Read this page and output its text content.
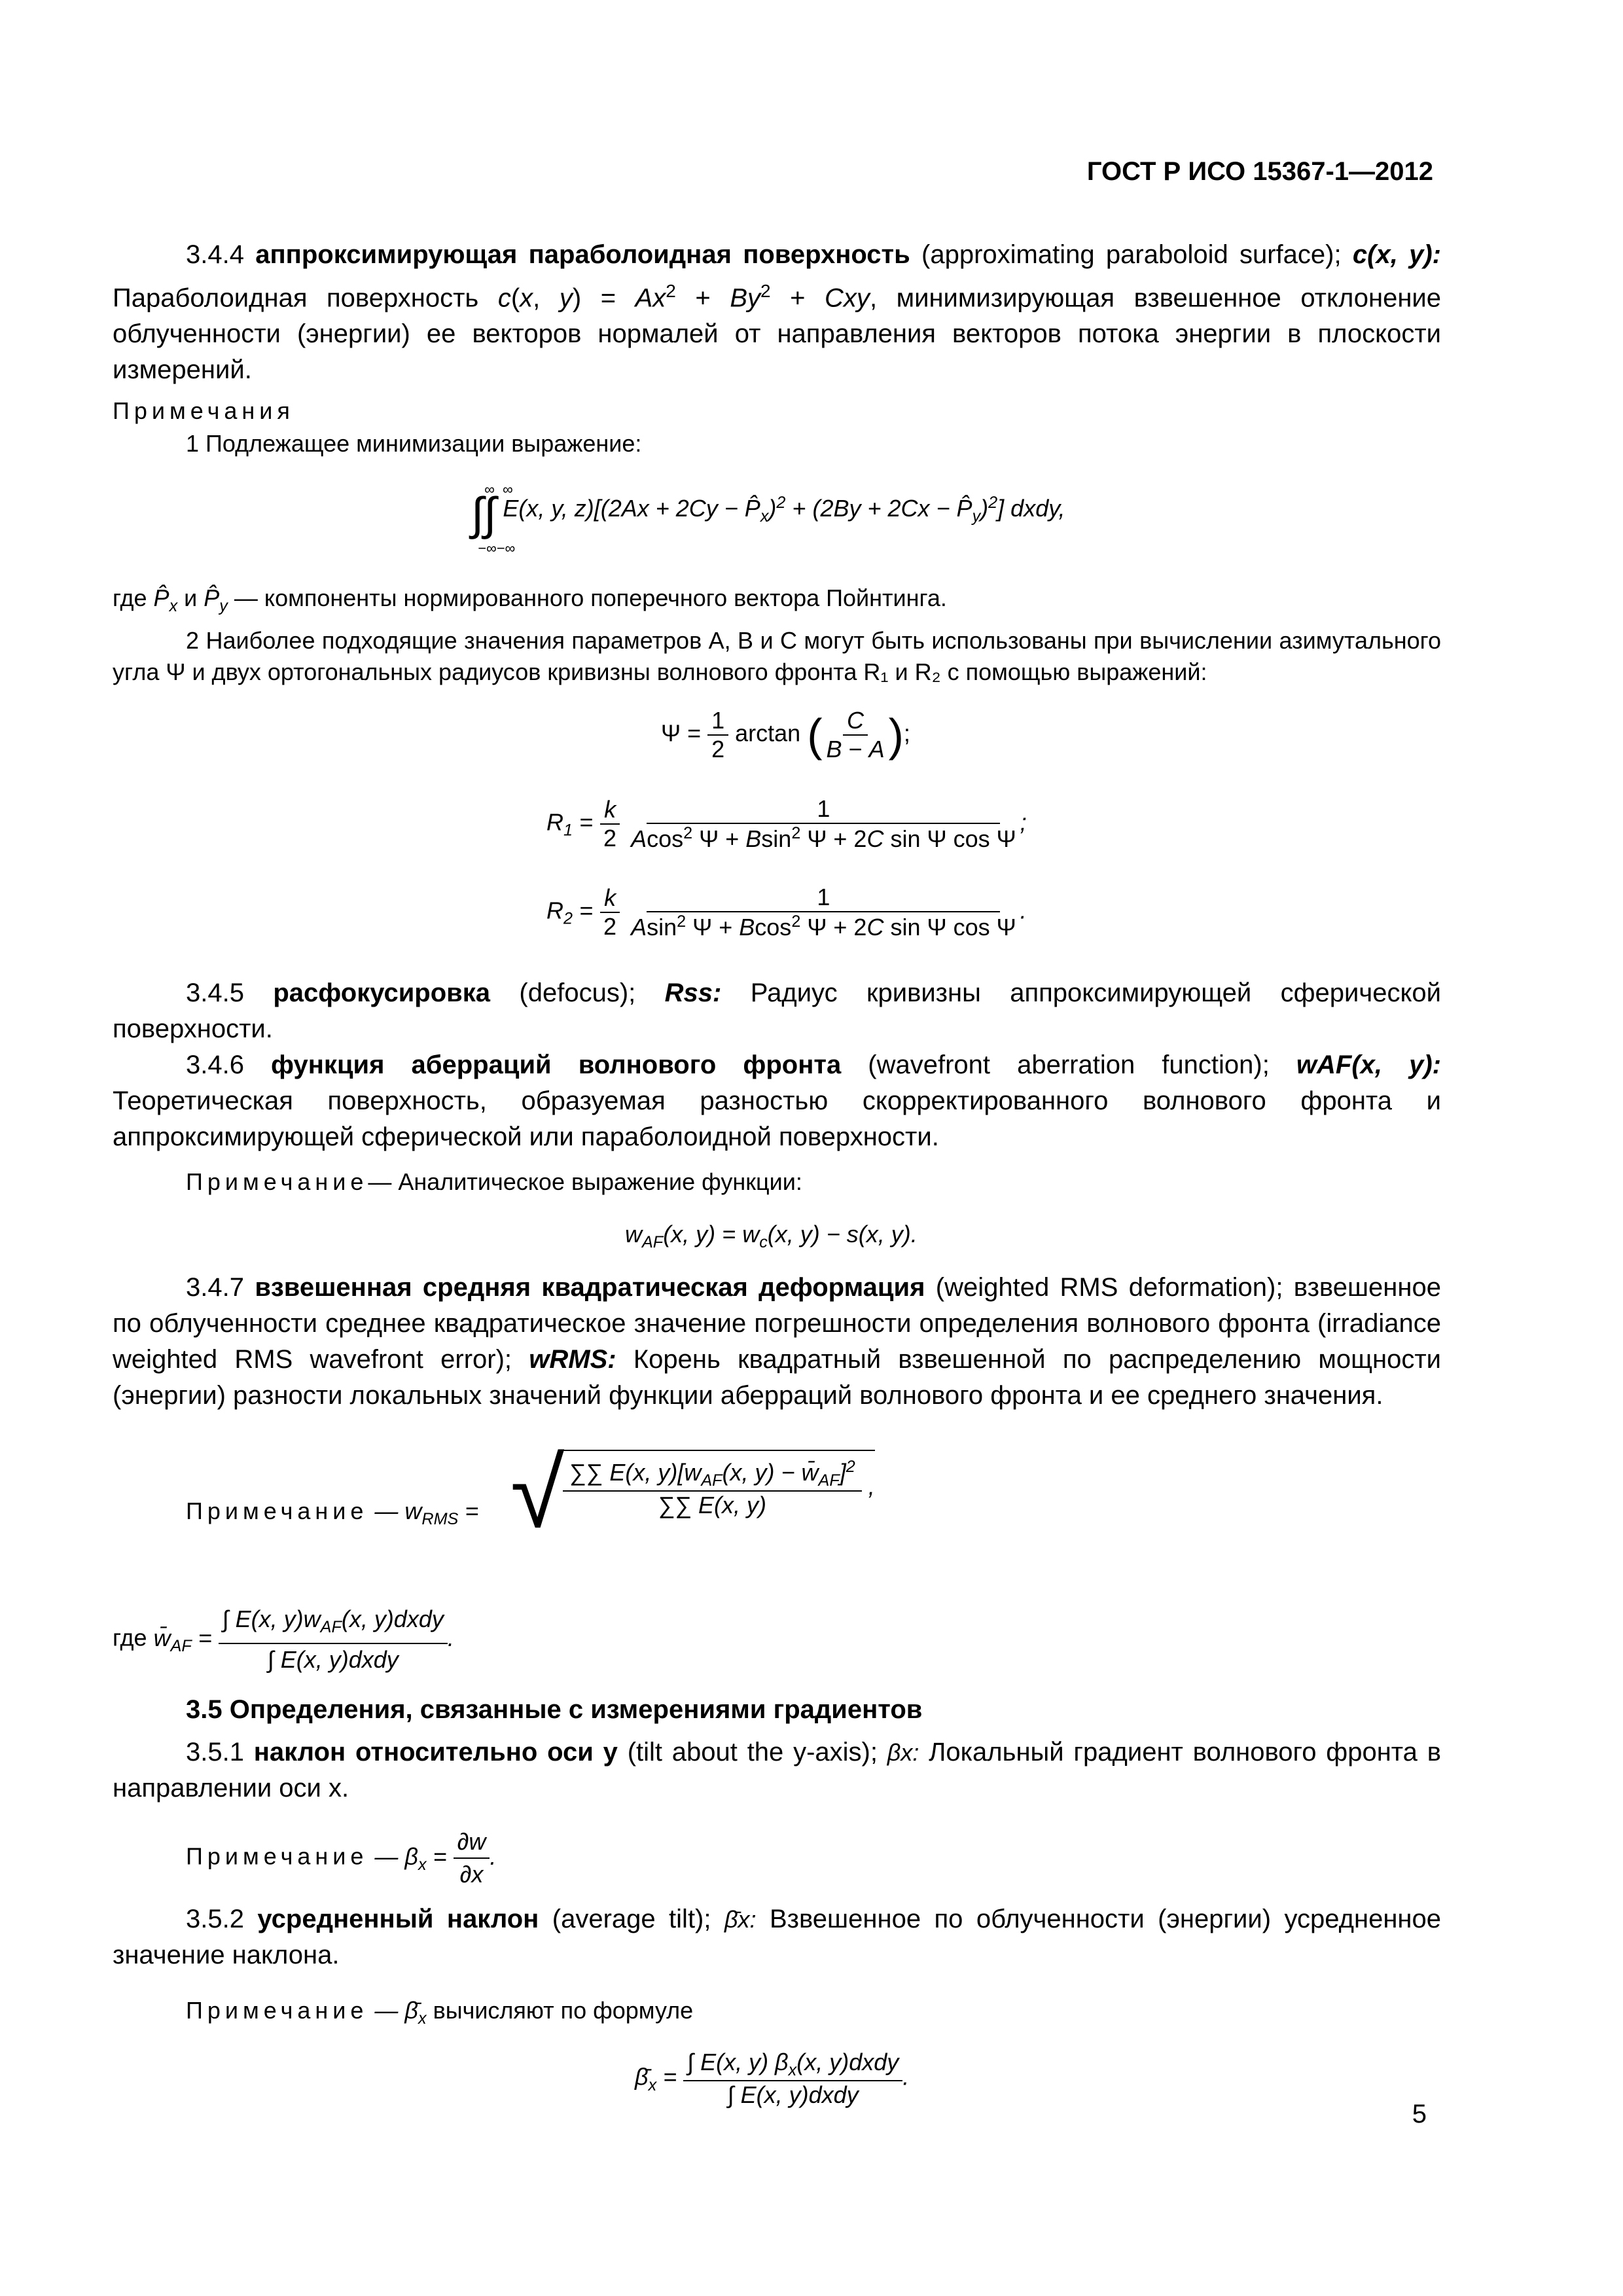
ГОСТ Р ИСО 15367-1—2012
3.4.4 аппроксимирующая параболоидная поверхность (approximating paraboloid surface); c(x, y): Параболоидная поверхность c(x, $y) = Ax^2 + By^2$ + Cxy, минимизирующая взвешенное отклонение облученности (энергии) ее векторов нормалей от направления векторов потока энергии в плоскости измерений.
Примечания
1 Подлежащее минимизации выражение:
∫∫ E(x, y, $z)[(2Ax + 2Cy - P̂_x)^2 + (2By + 2Cx$ − $P̂_y)^2$] dxdy,
∞  ∞
−∞−∞
где $P̂_x$ и $P̂_y$ — компоненты нормированного поперечного вектора Пойнтинга.
2 Наиболее подходящие значения параметров A, B и C могут быть использованы при вычислении азимутального угла Ψ и двух ортогональных радиусов кривизны волнового фронта R₁ и R₂ с помощью выражений:
$\Psi = \frac{1}{2}$ arctan ( $\frac{C}{B - A}$ );
$R_1 = \frac{k}{2}$
$\frac{1}{Acos^2 \Psi + Bsin^2 \Psi + 2C \sin \Psi \cos \Psi}$ ;
$R_2 = \frac{k}{2}$
$\frac{1}{Asin^2 \Psi + Bcos^2 \Psi + 2C \sin \Psi \cos \Psi}$ .
3.4.5 расфокусировка (defocus); Rss: Радиус кривизны аппроксимирующей сферической поверхности.
3.4.6 функция аберраций волнового фронта (wavefront aberration function); wAF(x, y): Теоретическая поверхность, образуемая разностью скорректированного волнового фронта и аппроксимирующей сферической или параболоидной поверхности.
Примечание— Аналитическое выражение функции:
$w_{AF}(x$, $y) = w_c(x$, y) − s(x, y).
3.4.7 взвешенная средняя квадратическая деформация (weighted RMS deformation); взвешенное по облученности среднее квадратическое значение погрешности определения волнового фронта (irradiance weighted RMS wavefront error); wRMS: Корень квадратный взвешенной по распределению мощности (энергии) разности локальных значений функции аберраций волнового фронта и ее среднего значения.
Примечание — $w_{RMS}$ = √
$\frac{\sum\sum E(x, y)[w_{AF}(x, y) - w̄_{AF}]^2}{\sum\sum E(x, y)}$ ,
где $w̄_{AF} = \frac{\int E(x, y)w_{AF}(x, y)dxdy}{\text{∫ E(x, y)dxdy}}$ .
3.5 Определения, связанные с измерениями градиентов
3.5.1 наклон относительно оси y (tilt about the y-axis); βx: Локальный градиент волнового фронта в направлении оси x.
Примечание — $\beta_x = \frac{\partial w}{\partial x}$ .
3.5.2 усредненный наклон (average tilt); β̄x: Взвешенное по облученности (энергии) усредненное значение наклона.
Примечание — $\betā_x$ вычисляют по формуле
$\betā_x = \frac{\int E(x, y) \beta_x(x, y)dxdy}{\text{∫ E(x, y)dxdy}}$ .
5
